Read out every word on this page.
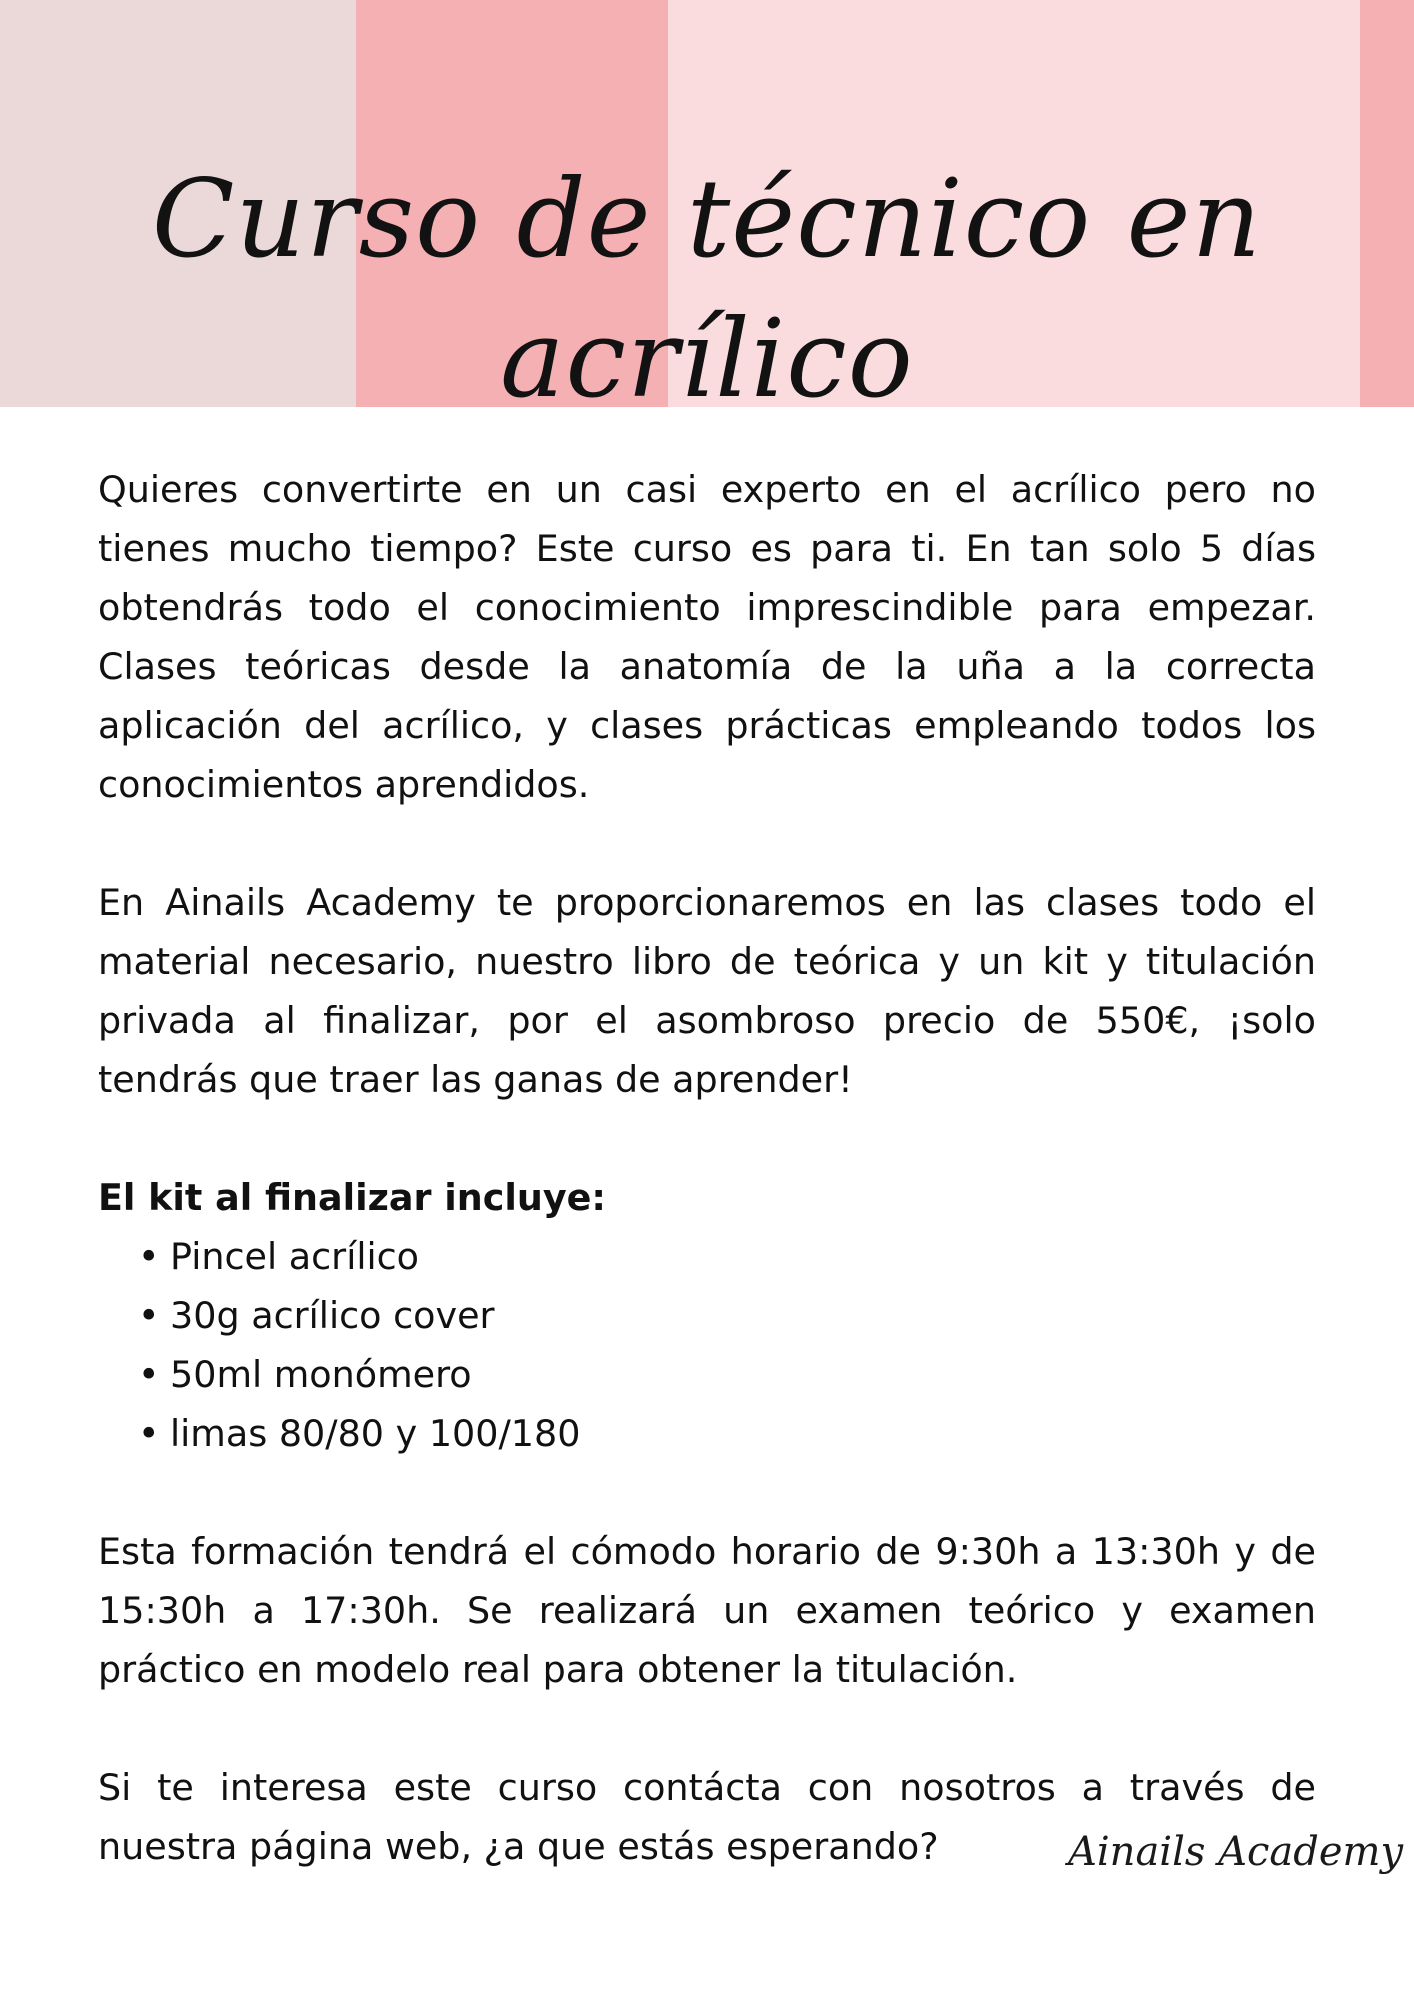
Curso de técnico en acrílico

Quieres convertirte en un casi experto en el acrílico pero no tienes mucho tiempo? Este curso es para ti. En tan solo 5 días obtendrás todo el conocimiento imprescindible para empezar. Clases teóricas desde la anatomía de la uña a la correcta aplicación del acrílico, y clases prácticas empleando todos los conocimientos aprendidos.

En Ainails Academy te proporcionaremos en las clases todo el material necesario, nuestro libro de teórica y un kit y titulación privada al finalizar, por el asombroso precio de 550€, ¡solo tendrás que traer las ganas de aprender!

El kit al finalizar incluye:

• Pincel acrílico
• 30g acrílico cover
• 50ml monómero
• limas 80/80 y 100/180

Esta formación tendrá el cómodo horario de 9:30h a 13:30h y de 15:30h a 17:30h. Se realizará un examen teórico y examen práctico en modelo real para obtener la titulación.

Si te interesa este curso contácta con nosotros a través de nuestra página web, ¿a que estás esperando?	Ainails Academy
